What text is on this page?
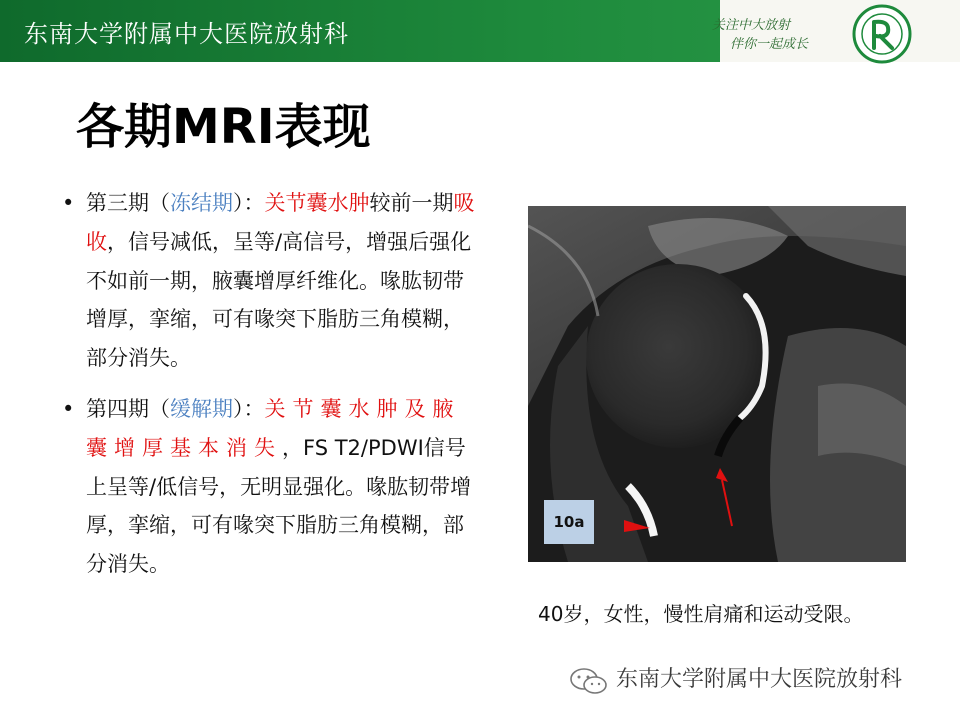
东南大学附属中大医院放射科	关注中大放射
伴你一起成长
各期MRI表现
• 第三期（冻结期）：关节囊水肿较前一期吸收，信号减低，呈等/高信号，增强后强化不如前一期，腋囊增厚纤维化。喙肱韧带增厚，挛缩，可有喙突下脂肪三角模糊，部分消失。
• 第四期（缓解期）：关节囊水肿及腋囊增厚基本消失，FS T2/PDWI信号上呈等/低信号，无明显强化。喙肱韧带增厚，挛缩，可有喙突下脂肪三角模糊，部分消失。
10a
40岁，女性，慢性肩痛和运动受限。
东南大学附属中大医院放射科
